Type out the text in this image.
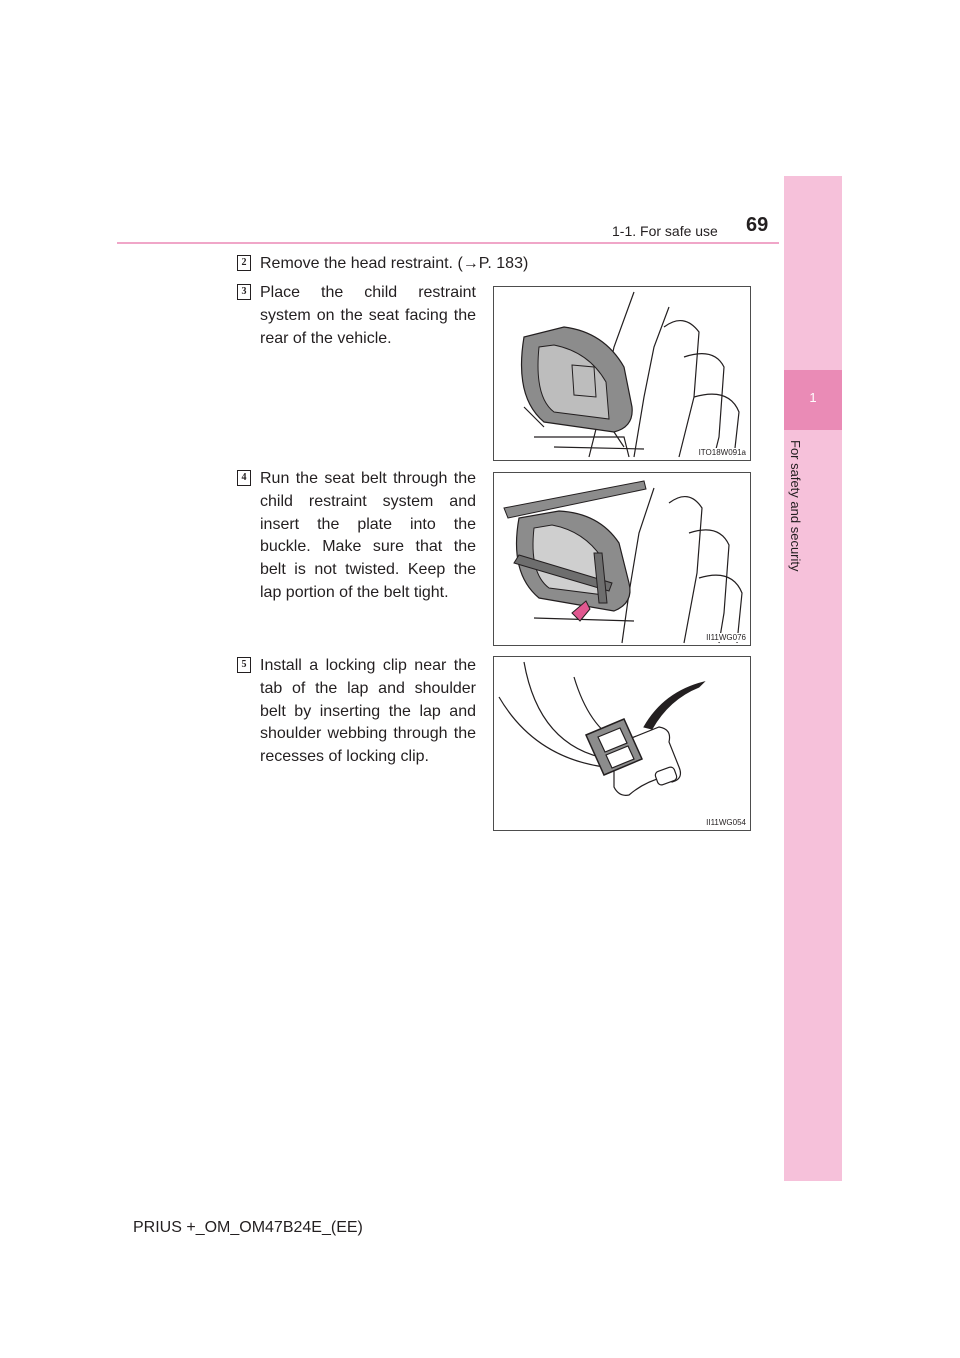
1-1. For safe use 69
1
For safety and security
2 Remove the head restraint. (→P. 183)
3 Place the child restraint system on the seat facing the rear of the vehicle.
ITO18W091a
4 Run the seat belt through the child restraint system and insert the plate into the buckle. Make sure that the belt is not twisted. Keep the lap portion of the belt tight.
II11WG076
5 Install a locking clip near the tab of the lap and shoulder belt by inserting the lap and shoulder webbing through the recesses of locking clip.
II11WG054
PRIUS +_OM_OM47B24E_(EE)
